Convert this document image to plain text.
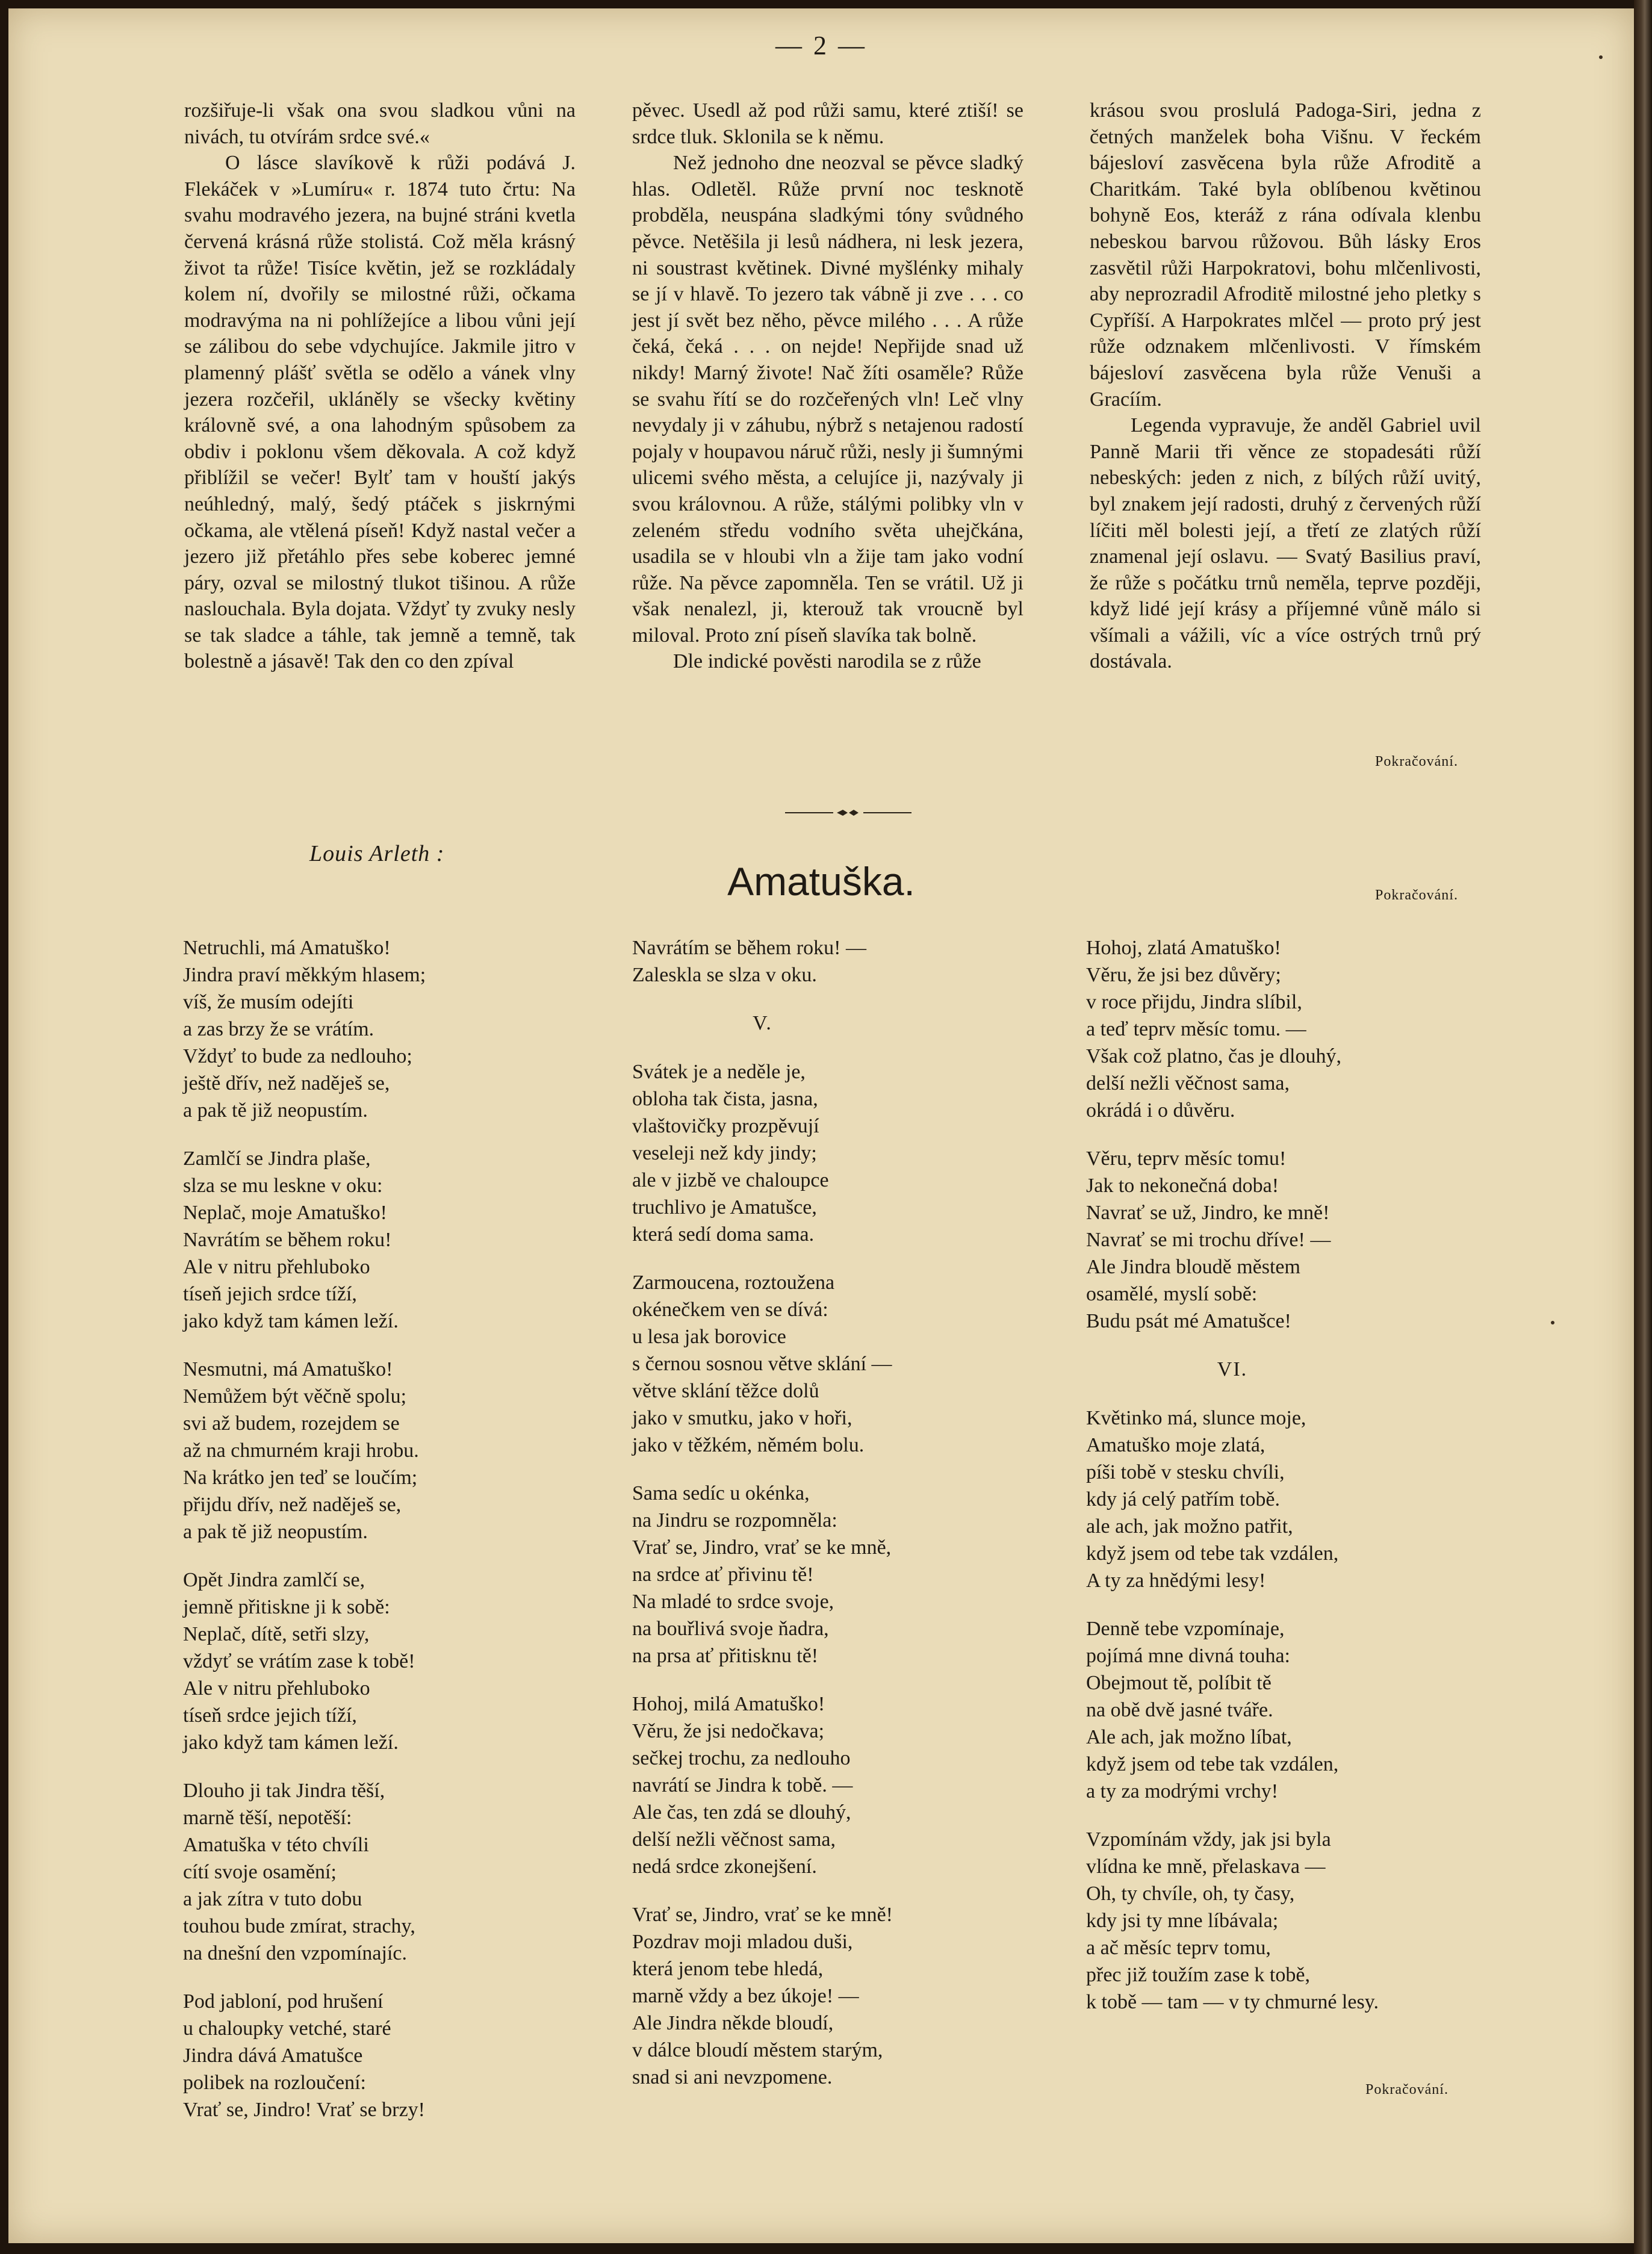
— 2 —

rozšiřuje-li však ona svou sladkou vůni na nivách, tu otvírám srdce své.«

O lásce slavíkově k růži podává J. Flekáček v »Lumíru« r. 1874 tuto črtu: Na svahu modravého jezera, na bujné stráni kvetla červená krásná růže stolistá. Což měla krásný život ta růže! Tisíce květin, jež se rozkládaly kolem ní, dvořily se milostné růži, očkama modravýma na ni pohlížejíce a libou vůni její se zálibou do sebe vdychujíce. Jakmile jitro v plamenný plášť světla se odělo a vánek vlny jezera rozčeřil, ukláněly se všecky květiny královně své, a ona lahodným spůsobem za obdiv i poklonu všem děkovala. A což když přiblížil se večer! Bylť tam v houští jakýs neúhledný, malý, šedý ptáček s jiskrnými očkama, ale vtělená píseň! Když nastal večer a jezero již přetáhlo přes sebe koberec jemné páry, ozval se milostný tlukot tišinou. A růže naslouchala. Byla dojata. Vždyť ty zvuky nesly se tak sladce a táhle, tak jemně a temně, tak bolestně a jásavě! Tak den co den zpíval

pěvec. Usedl až pod růži samu, které ztiší! se srdce tluk. Sklonila se k němu.

Než jednoho dne neozval se pěvce sladký hlas. Odletěl. Růže první noc tesknotě probděla, neuspána sladkými tóny svůdného pěvce. Netěšila ji lesů nádhera, ni lesk jezera, ni soustrast květinek. Divné myšlénky mihaly se jí v hlavě. To jezero tak vábně ji zve . . . co jest jí svět bez něho, pěvce milého . . . A růže čeká, čeká . . . on nejde! Nepřijde snad už nikdy! Marný živote! Nač žíti osaměle? Růže se svahu řítí se do rozčeřených vln! Leč vlny nevydaly ji v záhubu, nýbrž s netajenou radostí pojaly v houpavou náruč růži, nesly ji šumnými ulicemi svého města, a celujíce ji, nazývaly ji svou královnou. A růže, stálými polibky vln v zeleném středu vodního světa uhejčkána, usadila se v hloubi vln a žije tam jako vodní růže. Na pěvce zapomněla. Ten se vrátil. Už ji však nenalezl, ji, kterouž tak vroucně byl miloval. Proto zní píseň slavíka tak bolně.

Dle indické pověsti narodila se z růže

krásou svou proslulá Padoga-Siri, jedna z četných manželek boha Višnu. V řeckém bájesloví zasvěcena byla růže Afroditě a Charitkám. Také byla oblíbenou květinou bohyně Eos, kteráž z rána odívala klenbu nebeskou barvou růžovou. Bůh lásky Eros zasvětil růži Harpokratovi, bohu mlčenlivosti, aby neprozradil Afroditě milostné jeho pletky s Cypříší. A Harpokrates mlčel — proto prý jest růže odznakem mlčenlivosti. V římském bájesloví zasvěcena byla růže Venuši a Gracíím.

Legenda vypravuje, že anděl Gabriel uvil Panně Marii tři věnce ze stopadesáti růží nebeských: jeden z nich, z bílých růží uvitý, byl znakem její radosti, druhý z červených růží líčiti měl bolesti její, a třetí ze zlatých růží znamenal její oslavu. — Svatý Basilius praví, že růže s počátku trnů neměla, teprve později, když lidé její krásy a příjemné vůně málo si všímali a vážili, víc a více ostrých trnů prý dostávala.

Pokračování.
Louis Arleth :
Amatuška.	Pokračování.
Netruchli, má Amatuško!
Jindra praví měkkým hlasem;
víš, že musím odejíti
a zas brzy že se vrátím.
Vždyť to bude za nedlouho;
ještě dřív, než naděješ se,
a pak tě již neopustím.
Zamlčí se Jindra plaše,
slza se mu leskne v oku:
Neplač, moje Amatuško!
Navrátím se během roku!
Ale v nitru přehluboko
tíseň jejich srdce tíží,
jako když tam kámen leží.
Nesmutni, má Amatuško!
Nemůžem být věčně spolu;
svi až budem, rozejdem se
až na chmurném kraji hrobu.
Na krátko jen teď se loučím;
přijdu dřív, než naděješ se,
a pak tě již neopustím.
Opět Jindra zamlčí se,
jemně přitiskne ji k sobě:
Neplač, dítě, setři slzy,
vždyť se vrátím zase k tobě!
Ale v nitru přehluboko
tíseň srdce jejich tíží,
jako když tam kámen leží.
Dlouho ji tak Jindra těší,
marně těší, nepotěší:
Amatuška v této chvíli
cítí svoje osamění;
a jak zítra v tuto dobu
touhou bude zmírat, strachy,
na dnešní den vzpomínajíc.
Pod jabloní, pod hrušení
u chaloupky vetché, staré
Jindra dává Amatušce
polibek na rozloučení:
Vrať se, Jindro! Vrať se brzy!
Navrátím se během roku! —
Zaleskla se slza v oku.
V.
Svátek je a neděle je,
obloha tak čista, jasna,
vlaštovičky prozpěvují
veseleji než kdy jindy;
ale v jizbě ve chaloupce
truchlivo je Amatušce,
která sedí doma sama.
Zarmoucena, roztoužena
okénečkem ven se dívá:
u lesa jak borovice
s černou sosnou větve sklání —
větve sklání těžce dolů
jako v smutku, jako v hoři,
jako v těžkém, němém bolu.
Sama sedíc u okénka,
na Jindru se rozpomněla:
Vrať se, Jindro, vrať se ke mně,
na srdce ať přivinu tě!
Na mladé to srdce svoje,
na bouřlivá svoje ňadra,
na prsa ať přitisknu tě!
Hohoj, milá Amatuško!
Věru, že jsi nedočkava;
sečkej trochu, za nedlouho
navrátí se Jindra k tobě. —
Ale čas, ten zdá se dlouhý,
delší nežli věčnost sama,
nedá srdce zkonejšení.
Vrať se, Jindro, vrať se ke mně!
Pozdrav moji mladou duši,
která jenom tebe hledá,
marně vždy a bez úkoje! —
Ale Jindra někde bloudí,
v dálce bloudí městem starým,
snad si ani nevzpomene.
Hohoj, zlatá Amatuško!
Věru, že jsi bez důvěry;
v roce přijdu, Jindra slíbil,
a teď teprv měsíc tomu. —
Však což platno, čas je dlouhý,
delší nežli věčnost sama,
okrádá i o důvěru.
Věru, teprv měsíc tomu!
Jak to nekonečná doba!
Navrať se už, Jindro, ke mně!
Navrať se mi trochu dříve! —
Ale Jindra bloudě městem
osamělé, myslí sobě:
Budu psát mé Amatušce!
VI.
Květinko má, slunce moje,
Amatuško moje zlatá,
píši tobě v stesku chvíli,
kdy já celý patřím tobě.
ale ach, jak možno patřit,
když jsem od tebe tak vzdálen,
A ty za hnědými lesy!
Denně tebe vzpomínaje,
pojímá mne divná touha:
Obejmout tě, políbit tě
na obě dvě jasné tváře.
Ale ach, jak možno líbat,
když jsem od tebe tak vzdálen,
a ty za modrými vrchy!
Vzpomínám vždy, jak jsi byla
vlídna ke mně, přelaskava —
Oh, ty chvíle, oh, ty časy,
kdy jsi ty mne líbávala;
a ač měsíc teprv tomu,
přec již toužím zase k tobě,
k tobě — tam — v ty chmurné lesy.
Pokračování.
